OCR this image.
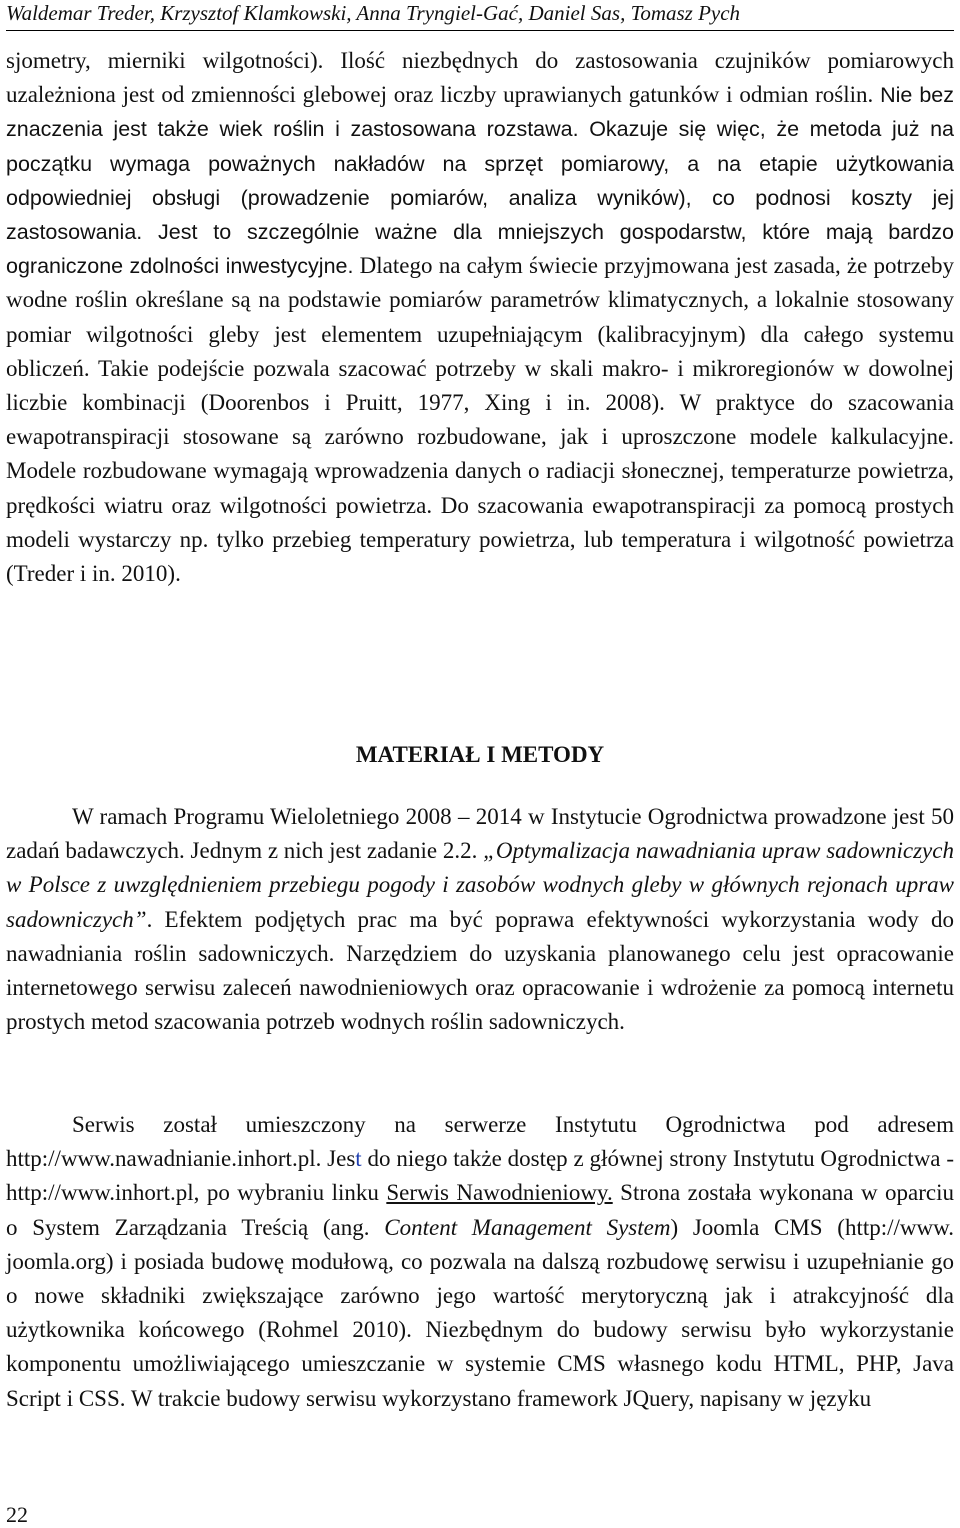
Waldemar Treder, Krzysztof Klamkowski, Anna Tryngiel-Gać, Daniel Sas, Tomasz Pych

sjometry, mierniki wilgotności). Ilość niezbędnych do zastosowania czujników pomiarowych uzależniona jest od zmienności glebowej oraz liczby uprawianych gatunków i odmian roślin. Nie bez znaczenia jest także wiek roślin i zastosowana rozstawa. Okazuje się więc, że metoda już na początku wymaga poważnych nakładów na sprzęt pomiarowy, a na etapie użytkowania odpowiedniej obsługi (prowadzenie pomiarów, analiza wyników), co podnosi koszty jej zastosowania. Jest to szczególnie ważne dla mniejszych gospodarstw, które mają bardzo ograniczone zdolności inwestycyjne. Dlatego na całym świecie przyjmowana jest zasada, że potrzeby wodne roślin określane są na podstawie pomiarów parametrów klimatycznych, a lokalnie stosowany pomiar wilgotności gleby jest elementem uzupełniającym (kalibracyjnym) dla całego systemu obliczeń. Takie podejście pozwala szacować potrzeby w skali makro- i mikroregionów w dowolnej liczbie kombinacji (Doorenbos i Pruitt, 1977, Xing i in. 2008). W praktyce do szacowania ewapotranspiracji stosowane są zarówno rozbudowane, jak i uproszczone modele kalkulacyjne. Modele rozbudowane wymagają wprowadzenia danych o radiacji słonecznej, temperaturze powietrza, prędkości wiatru oraz wilgotności powietrza. Do szacowania ewapotranspiracji za pomocą prostych modeli wystarczy np. tylko przebieg temperatury powietrza, lub temperatura i wilgotność powietrza (Treder i in. 2010).

MATERIAŁ I METODY

W ramach Programu Wieloletniego 2008 – 2014 w Instytucie Ogrodnictwa prowadzone jest 50 zadań badawczych. Jednym z nich jest zadanie 2.2. „Optymalizacja nawadniania upraw sadowniczych w Polsce z uwzględnieniem przebiegu pogody i zasobów wodnych gleby w głównych rejonach upraw sadowniczych”. Efektem podjętych prac ma być poprawa efektywności wykorzystania wody do nawadniania roślin sadowniczych. Narzędziem do uzyskania planowanego celu jest opracowanie internetowego serwisu zaleceń nawodnieniowych oraz opracowanie i wdrożenie za pomocą internetu prostych metod szacowania potrzeb wodnych roślin sadowniczych.

Serwis został umieszczony na serwerze Instytutu Ogrodnictwa pod adresem http://www.nawadnianie.inhort.pl. Jest do niego także dostęp z głównej strony Instytutu Ogrodnictwa - http://www.inhort.pl, po wybraniu linku Serwis Nawodnieniowy. Strona została wykonana w oparciu o System Zarządzania Treścią (ang. Content Management System) Joomla CMS (http://www. joomla.org) i posiada budowę modułową, co pozwala na dalszą rozbudowę serwisu i uzupełnianie go o nowe składniki zwiększające zarówno jego wartość merytoryczną jak i atrakcyjność dla użytkownika końcowego (Rohmel 2010). Niezbędnym do budowy serwisu było wykorzystanie komponentu umożliwiającego umieszczanie w systemie CMS własnego kodu HTML, PHP, Java Script i CSS. W trakcie budowy serwisu wykorzystano framework JQuery, napisany w języku

22
